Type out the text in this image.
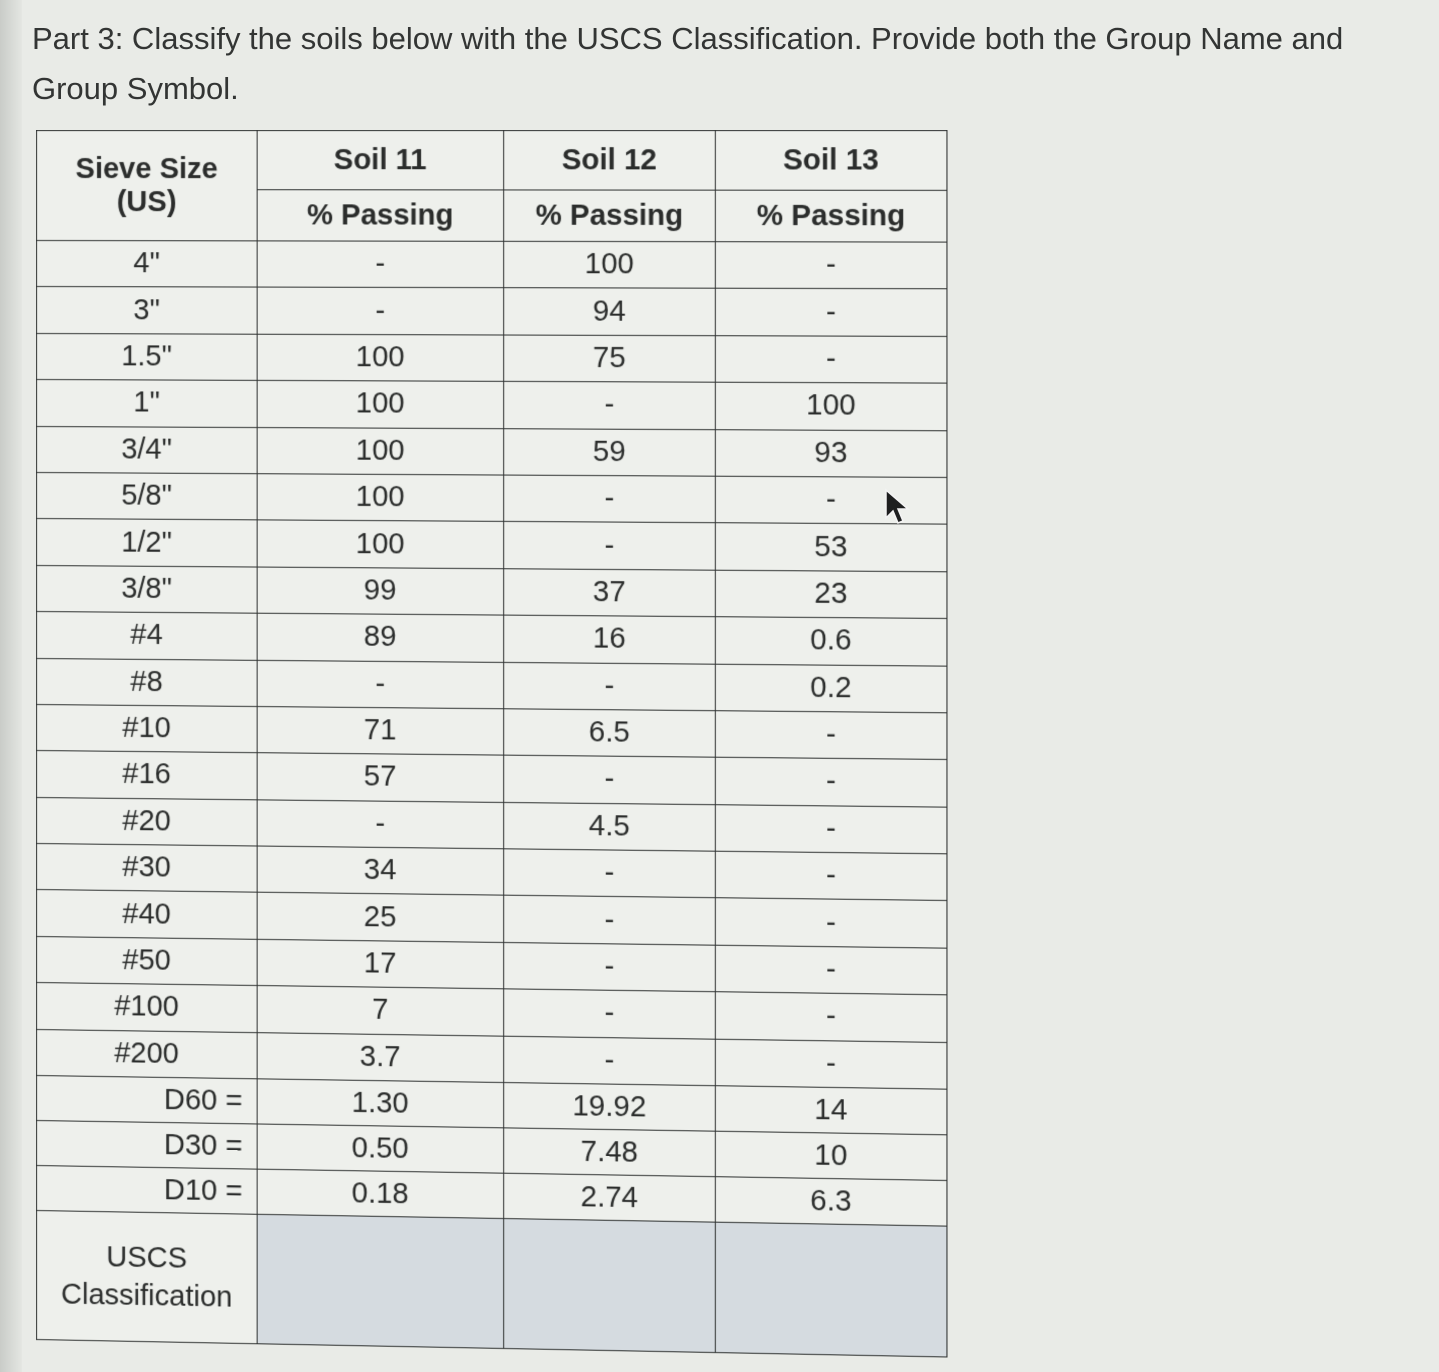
Part 3: Classify the soils below with the USCS Classification. Provide both the Group Name and Group Symbol.
Sieve Size
(US)	Soil 11	Soil 12	Soil 13
	% Passing	% Passing	% Passing
4"	-	100	-
3"	-	94	-
1.5"	100	75	-
1"	100	-	100
3/4"	100	59	93
5/8"	100	-	-
1/2"	100	-	53
3/8"	99	37	23
#4	89	16	0.6
#8	-	-	0.2
#10	71	6.5	-
#16	57	-	-
#20	-	4.5	-
#30	34	-	-
#40	25	-	-
#50	17	-	-
#100	7	-	-
#200	3.7	-	-
D60 =	1.30	19.92	14
D30 =	0.50	7.48	10
D10 =	0.18	2.74	6.3
USCS
Classification			
